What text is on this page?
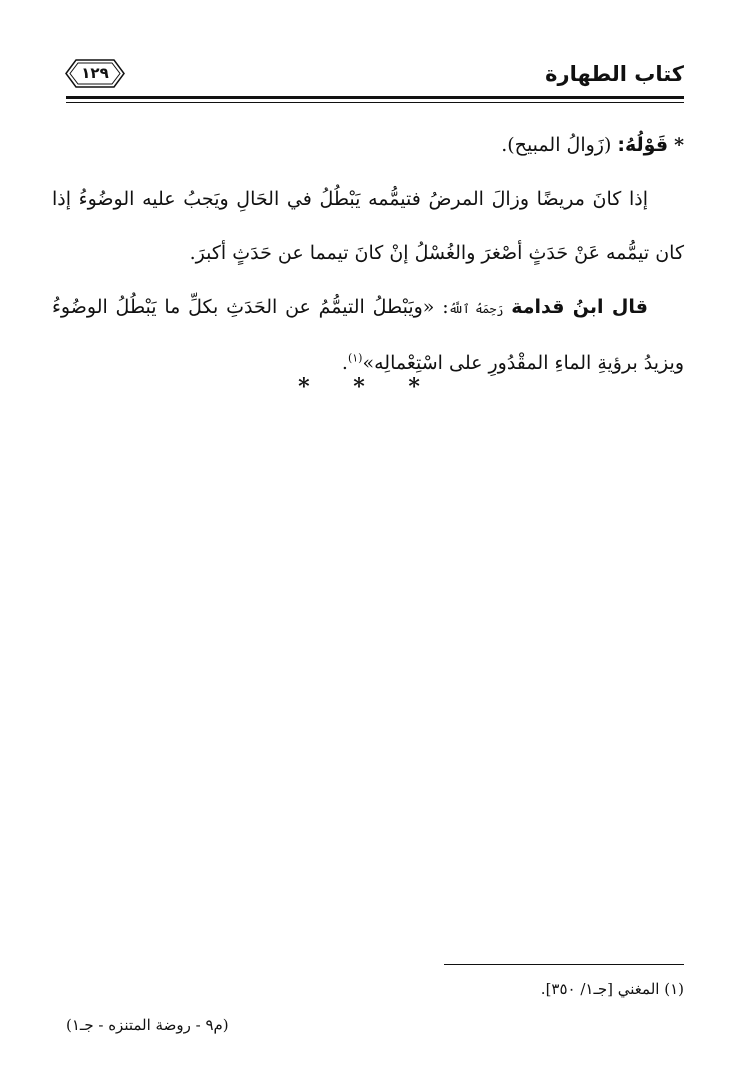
كتاب الطهارة
١٢٩

* قَوْلُهُ: (زَوالُ المبيح).

إذا كانَ مريضًا وزالَ المرضُ فتيمُّمه يَبْطُلُ في الحَالِ ويَجبُ عليه الوضُوءُ إذا كان تيمُّمه عَنْ حَدَثٍ أصْغرَ والغُسْلُ إنْ كانَ تيمما عن حَدَثٍ أكبرَ.

قال ابنُ قدامة رَحِمَهُ ٱللَّهُ: «ويَبْطلُ التيمُّمُ عن الحَدَثِ بكلِّ ما يَبْطُلُ الوضُوءُ ويزيدُ برؤيةِ الماءِ المقْدُورِ على اسْتِعْمالِه»$^{(١)}$.

* * *
(١) المغني [جـ١/ ٣٥٠].
(م٩ - روضة المتنزه - جـ١)
